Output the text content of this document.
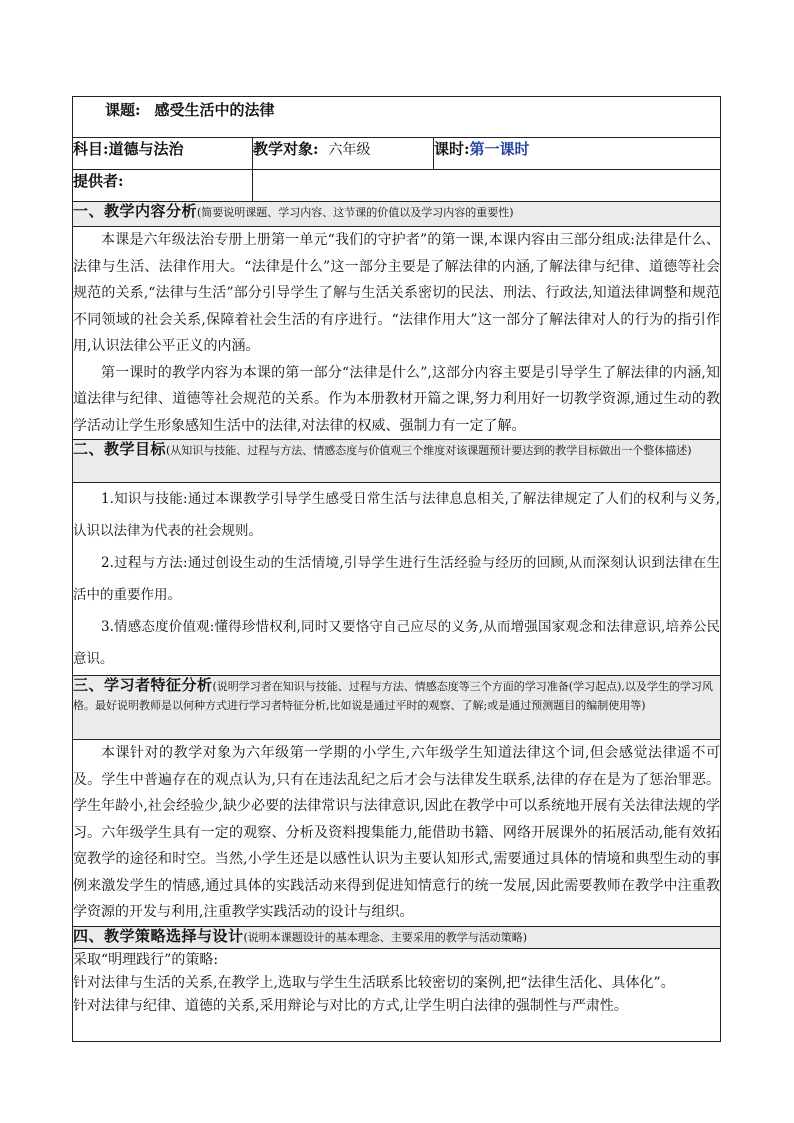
课题: 感受生活中的法律		

科目:道德与法治	教学对象: 六年级	课时:第一课时
提供者:		
一、教学内容分析(简要说明课题、学习内容、这节课的价值以及学习内容的重要性)		

本课是六年级法治专册上册第一单元“我们的守护者”的第一课,本课内容由三部分组成:法律是什么、法律与生活、法律作用大。“法律是什么”这一部分主要是了解法律的内涵,了解法律与纪律、道德等社会规范的关系,“法律与生活”部分引导学生了解与生活关系密切的民法、刑法、行政法,知道法律调整和规范不同领域的社会关系,保障着社会生活的有序进行。“法律作用大”这一部分了解法律对人的行为的指引作用,认识法律公平正义的内涵。

第一课时的教学内容为本课的第一部分“法律是什么”,这部分内容主要是引导学生了解法律的内涵,知道法律与纪律、道德等社会规范的关系。作为本册教材开篇之课,努力利用好一切教学资源,通过生动的教学活动让学生形象感知生活中的法律,对法律的权威、强制力有一定了解。		

二、教学目标(从知识与技能、过程与方法、情感态度与价值观三个维度对该课题预计要达到的教学目标做出一个整体描述)		

1.知识与技能:通过本课教学引导学生感受日常生活与法律息息相关,了解法律规定了人们的权利与义务,认识以法律为代表的社会规则。

2.过程与方法:通过创设生动的生活情境,引导学生进行生活经验与经历的回顾,从而深刻认识到法律在生活中的重要作用。

3.情感态度价值观:懂得珍惜权利,同时又要恪守自己应尽的义务,从而增强国家观念和法律意识,培养公民意识。		

三、学习者特征分析(说明学习者在知识与技能、过程与方法、情感态度等三个方面的学习准备(学习起点),以及学生的学习风格。最好说明教师是以何种方式进行学习者特征分析,比如说是通过平时的观察、了解;或是通过预测题目的编制使用等)		

本课针对的教学对象为六年级第一学期的小学生,六年级学生知道法律这个词,但会感觉法律遥不可及。学生中普遍存在的观点认为,只有在违法乱纪之后才会与法律发生联系,法律的存在是为了惩治罪恶。学生年龄小,社会经验少,缺少必要的法律常识与法律意识,因此在教学中可以系统地开展有关法律法规的学习。六年级学生具有一定的观察、分析及资料搜集能力,能借助书籍、网络开展课外的拓展活动,能有效拓宽教学的途径和时空。当然,小学生还是以感性认识为主要认知形式,需要通过具体的情境和典型生动的事例来激发学生的情感,通过具体的实践活动来得到促进知情意行的统一发展,因此需要教师在教学中注重教学资源的开发与利用,注重教学实践活动的设计与组织。		

四、教学策略选择与设计(说明本课题设计的基本理念、主要采用的教学与活动策略)		

采取“明理践行”的策略:

针对法律与生活的关系,在教学上,选取与学生生活联系比较密切的案例,把“法律生活化、具体化”。

针对法律与纪律、道德的关系,采用辩论与对比的方式,让学生明白法律的强制性与严肃性。		
